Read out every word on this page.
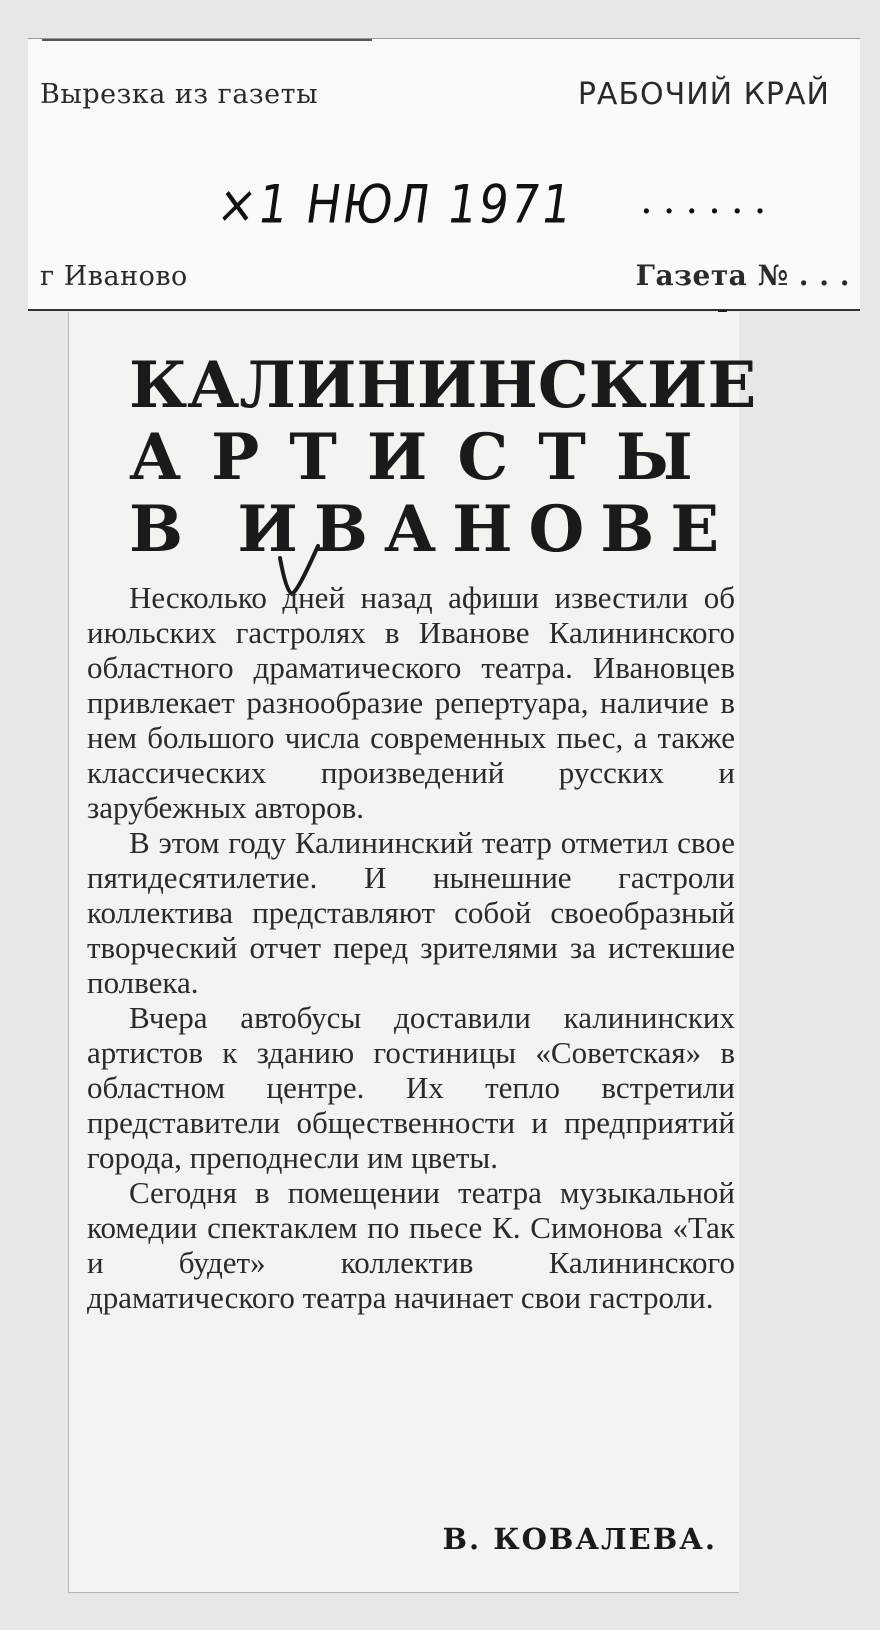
Вырезка из газеты	РАБОЧИЙ КРАЙ
×1 НЮЛ 1971 ......
г Иваново	Газета № . . .
КАЛИНИНСКИЕ
АРТИСТЫ
В ИВАНОВЕ

Несколько дней назад афиши известили об июльских гастролях в Иванове Калининского областного драматического театра. Ивановцев привлекает разнообразие репертуара, наличие в нем большого числа современных пьес, а также классических произведений русских и зарубежных авторов.

В этом году Калининский театр отметил свое пятидесятилетие. И нынешние гастроли коллектива представляют собой своеобразный творческий отчет перед зрителями за истекшие полвека.

Вчера автобусы доставили калининских артистов к зданию гостиницы «Советская» в областном центре. Их тепло встретили представители общественности и предприятий города, преподнесли им цветы.

Сегодня в помещении театра музыкальной комедии спектаклем по пьесе К. Симонова «Так и будет» коллектив Калининского драматического театра начинает свои гастроли.

В. КОВАЛЕВА.
